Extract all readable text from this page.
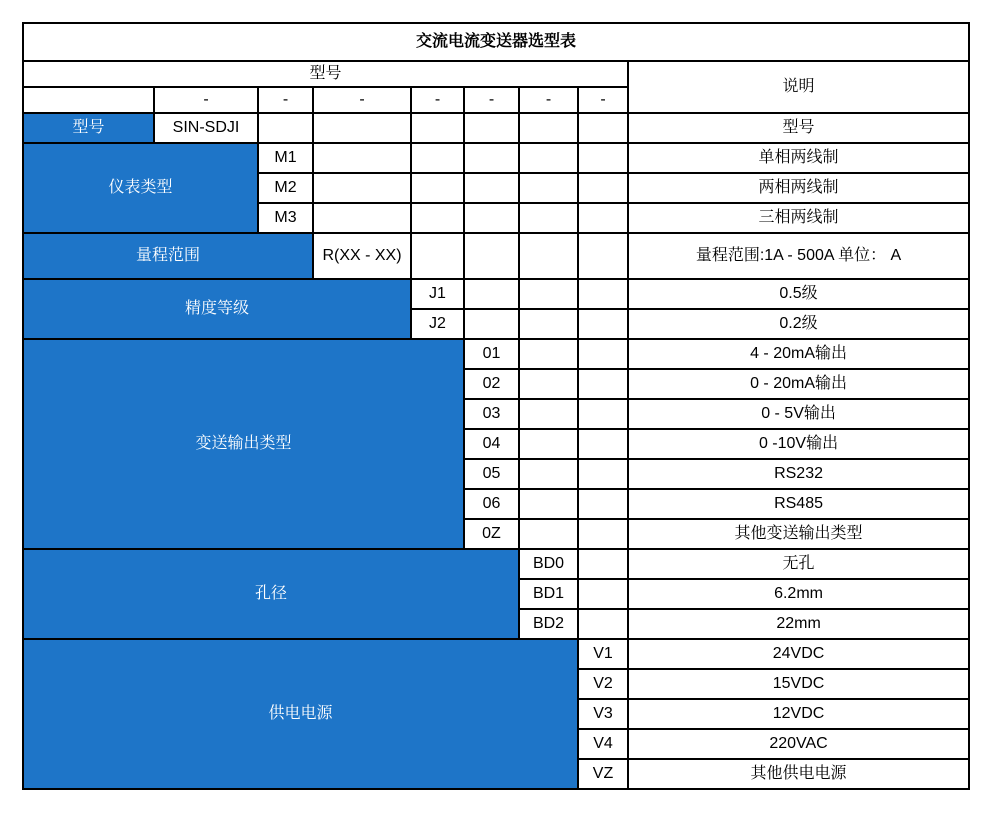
交流电流变送器选型表								
型号								说明
	-	-	-	-	-	-	-	
型号	SIN-SDJI							型号
仪表类型		M1						单相两线制
		M2						两相两线制
		M3						三相两线制
量程范围			R(XX - XX)					量程范围:1A - 500A 单位： A
精度等级				J1				0.5级
				J2				0.2级
变送输出类型					01			4 - 20mA输出
					02			0 - 20mA输出
					03			0 - 5V输出
					04			0 -10V输出
					05			RS232
					06			RS485
					0Z			其他变送输出类型
孔径						BD0		无孔
						BD1		6.2mm
						BD2		22mm
供电电源							V1	24VDC
							V2	15VDC
							V3	12VDC
							V4	220VAC
							VZ	其他供电电源
